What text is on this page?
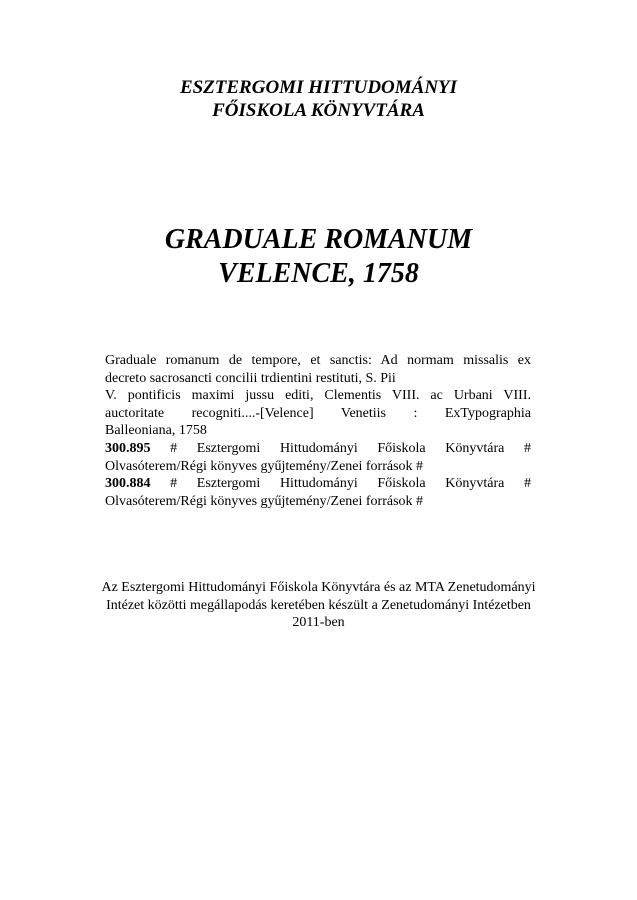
ESZTERGOMI HITTUDOMÁNYI
FŐISKOLA KÖNYVTÁRA
GRADUALE ROMANUM
VELENCE, 1758
Graduale romanum de tempore, et sanctis: Ad normam missalis ex
decreto sacrosancti concilii trdientini restituti, S. Pii
V. pontificis maximi jussu editi, Clementis VIII. ac Urbani VIII.
auctoritate recogniti....-[Velence] Venetiis : ExTypographia
Balleoniana, 1758
300.895 # Esztergomi Hittudományi Főiskola Könyvtára #
Olvasóterem/Régi könyves gyűjtemény/Zenei források #
300.884 # Esztergomi Hittudományi Főiskola Könyvtára #
Olvasóterem/Régi könyves gyűjtemény/Zenei források #
Az Esztergomi Hittudományi Főiskola Könyvtára és az MTA Zenetudományi
Intézet közötti megállapodás keretében készült a Zenetudományi Intézetben
2011-ben
